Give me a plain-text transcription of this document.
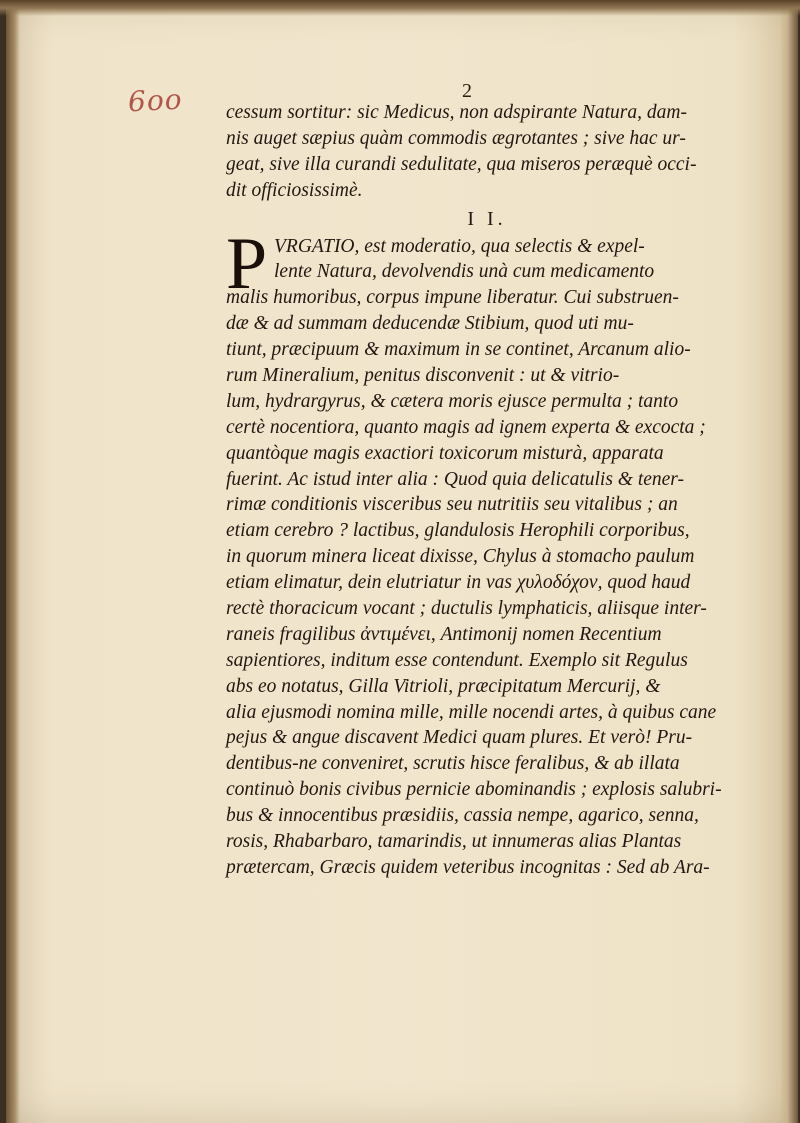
6oo	2
P
cessum sortitur: sic Medicus, non adspirante Natura, dam-
nis auget sæpius quàm commodis ægrotantes ; sive hac ur-
geat, sive illa curandi sedulitate, qua miseros peræquè occi-
dit officiosissimè.
I I.
VRGATIO, est moderatio, qua selectis & expel-
lente Natura, devolvendis unà cum medicamento
malis humoribus, corpus impune liberatur. Cui substruen-
dæ & ad summam deducendæ Stibium, quod uti mu-
tiunt, præcipuum & maximum in se continet, Arcanum alio-
rum Mineralium, penitus disconvenit : ut & vitrio-
lum, hydrargyrus, & cætera moris ejusce permulta ; tanto
certè nocentiora, quanto magis ad ignem experta & excocta ;
quantòque magis exactiori toxicorum misturà, apparata
fuerint. Ac istud inter alia : Quod quia delicatulis & tener-
rimæ conditionis visceribus seu nutritiis seu vitalibus ; an
etiam cerebro ? lactibus, glandulosis Herophili corporibus,
in quorum minera liceat dixisse, Chylus à stomacho paulum
etiam elimatur, dein elutriatur in vas χυλοδόχον, quod haud
rectè thoracicum vocant ; ductulis lymphaticis, aliisque inter-
raneis fragilibus ἀντιμένει, Antimonij nomen Recentium
sapientiores, inditum esse contendunt. Exemplo sit Regulus
abs eo notatus, Gilla Vitrioli, præcipitatum Mercurij, &
alia ejusmodi nomina mille, mille nocendi artes, à quibus cane
pejus & angue discavent Medici quam plures. Et verò! Pru-
dentibus-ne conveniret, scrutis hisce feralibus, & ab illata
continuò bonis civibus pernicie abominandis ; explosis salubri-
bus & innocentibus præsidiis, cassia nempe, agarico, senna,
rosis, Rhabarbaro, tamarindis, ut innumeras alias Plantas
prætercam, Græcis quidem veteribus incognitas : Sed ab Ara-
